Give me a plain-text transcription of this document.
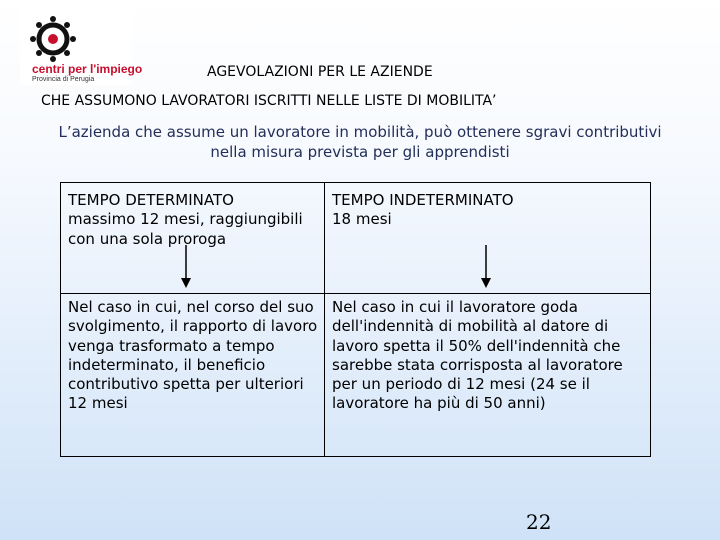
centri per l'impiego
Provincia di Perugia	AGEVOLAZIONI PER LE AZIENDE
CHE ASSUMONO LAVORATORI ISCRITTI NELLE LISTE DI MOBILITA’
L’azienda che assume un lavoratore in mobilità, può ottenere sgravi contributivi nella misura prevista per gli apprendisti
TEMPO DETERMINATO
massimo 12 mesi, raggiungibili con una sola proroga
TEMPO INDETERMINATO
18 mesi
Nel caso in cui, nel corso del suo svolgimento, il rapporto di lavoro venga trasformato a tempo indeterminato, il beneficio contributivo spetta per ulteriori 12 mesi
Nel caso in cui il lavoratore goda dell'indennità di mobilità al datore di lavoro spetta il 50% dell'indennità che sarebbe stata corrisposta al lavoratore per un periodo di 12 mesi (24 se il lavoratore ha più di 50 anni)
22
